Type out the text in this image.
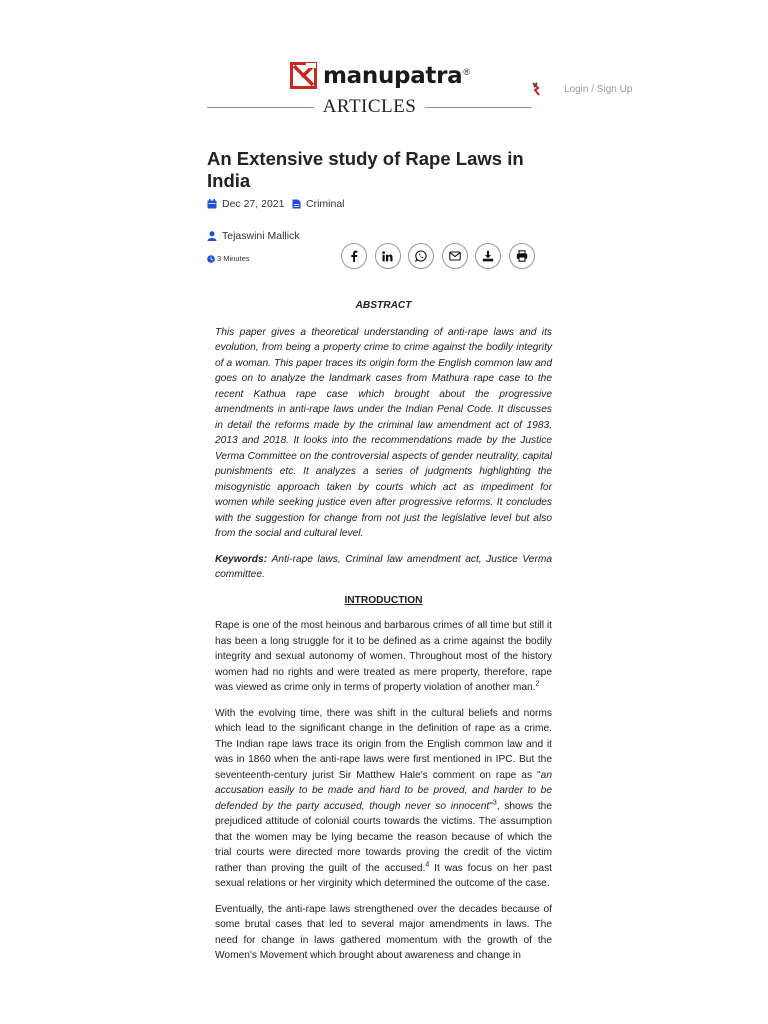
manupatra ®
ARTICLES
Login / Sign Up
An Extensive study of Rape Laws in India
Dec 27, 2021 Criminal
Tejaswini Mallick
3 Minutes

ABSTRACT

This paper gives a theoretical understanding of anti-rape laws and its evolution, from being a property crime to crime against the bodily integrity of a woman. This paper traces its origin form the English common law and goes on to analyze the landmark cases from Mathura rape case to the recent Kathua rape case which brought about the progressive amendments in anti-rape laws under the Indian Penal Code. It discusses in detail the reforms made by the criminal law amendment act of 1983, 2013 and 2018. It looks into the recommendations made by the Justice Verma Committee on the controversial aspects of gender neutrality, capital punishments etc. It analyzes a series of judgments highlighting the misogynistic approach taken by courts which act as impediment for women while seeking justice even after progressive reforms. It concludes with the suggestion for change from not just the legislative level but also from the social and cultural level.

Keywords: Anti-rape laws, Criminal law amendment act, Justice Verma committee.

INTRODUCTION

Rape is one of the most heinous and barbarous crimes of all time but still it has been a long struggle for it to be defined as a crime against the bodily integrity and sexual autonomy of women. Throughout most of the history women had no rights and were treated as mere property, therefore, rape was viewed as crime only in terms of property violation of another man.$^2$

With the evolving time, there was shift in the cultural beliefs and norms which lead to the significant change in the definition of rape as a crime. The Indian rape laws trace its origin from the English common law and it was in 1860 when the anti-rape laws were first mentioned in IPC. But the seventeenth-century jurist Sir Matthew Hale's comment on rape as "an accusation easily to be made and hard to be proved, and harder to be defended by the party accused, though never so innocent"$^3$, shows the prejudiced attitude of colonial courts towards the victims. The assumption that the women may be lying became the reason because of which the trial courts were directed more towards proving the credit of the victim rather than proving the guilt of the accused.$^4$ It was focus on her past sexual relations or her virginity which determined the outcome of the case.

Eventually, the anti-rape laws strengthened over the decades because of some brutal cases that led to several major amendments in laws. The need for change in laws gathered momentum with the growth of the Women's Movement which brought about awareness and change in
